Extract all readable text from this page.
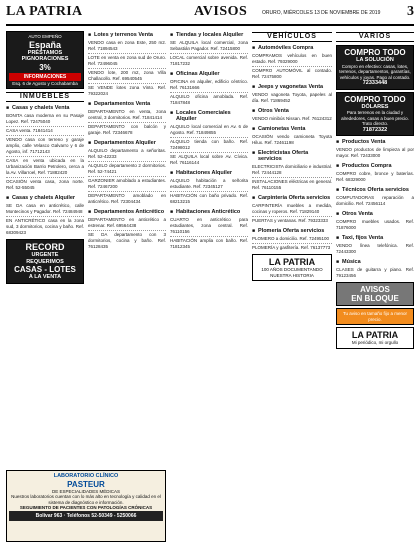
LA PATRIA	AVISOS	ORURO, MIÉRCOLES 13 DE NOVIEMBRE DE 2019 3
AUTO EMPEÑO
España
PRÉSTAMOS
PIGNORACIONES
3%
INFORMACIONES
Esq. 6 de Agosto y Cochabamba
INMUEBLES
■ Casas y chalets Venta
BONITA casa moderna en su Pasaje Lopez. Ref. 72475040
CASA venta. 71841414
VENDO casa con terreno y garaje amplio, calle Velasco Galvarro y 6 de Agosto, inf. 71712143
CASA en venta ubicada en la Urbanización Barrio Petrolero, cerca a la Av. Villarroel, Ref. 71882420
OCASIÓN venta casa, zona norte. Ref. 52-55045
■ Casas y chalets Alquiler
SE DA casa en anticrético, calle Montecinos y Pagador. Ref. 72484948
EN ANTICRÉTICO casa en la zona sud, 3 dormitorios, cocina y baño. Ref. 68309423
RECORD
URGENTE
REQUERIMOS
CASAS - LOTES
A LA VENTA
■ Lotes y terrenos Venta
VENDO casa en zona Este, 250 m2. Ref. 71894543
LOTE en venta en zona sud de Oruro. Ref. 72496045
VENDO lote, 200 m2, zona Villa Challacollo. Ref. 69540545
SE VENDE lotes zona Vinto. Ref. 79322024
■ Departamentos Venta
DEPARTAMENTO en venta, zona central, 3 dormitorios. Ref. 71841414
DEPARTAMENTO con balcón y garaje. Ref. 72346678
■ Departamentos Alquiler
ALQUILO departamento a señoritas. Ref. 52-42233
ALQUILO departamento 2 dormitorios. Ref. 52-74421
GARZONIER amoblado a estudiantes. Ref. 72467200
DEPARTAMENTO amoblado en anticrético. Ref. 72304434
■ Departamentos Anticrético
DEPARTAMENTO en anticrético a estrenar. Ref. 69564438
SE DA departamento con 3 dormitorios, cocina y baño. Ref. 76128435
■ Tiendas y locales Alquiler
SE ALQUILA local comercial, zona Sebastián Pagador. Ref. 72415800
LOCAL comercial sobre avenida. Ref. 71817232
■ Oficinas Alquiler
OFICINA en alquiler, edificio céntrico. Ref. 76131666
ALQUILO oficina amoblada. Ref. 71847848
■ Locales Comerciales Alquiler
ALQUILO local comercial en Av. 6 de Agosto. Ref. 71849855
ALQUILO tienda con baño. Ref. 72498012
SE ALQUILA local sobre Av. Cívica. Ref. 76116144
■ Habitaciones Alquiler
ALQUILO habitación a señorita estudiante. Ref. 72345127
HABITACIÓN con baño privado. Ref. 68213215
■ Habitaciones Anticrético
CUARTO en anticrético para estudiantes, zona central. Ref. 76110156
HABITACIÓN amplia con baño. Ref. 71812345
VEHÍCULOS
■ Automóviles Compra
COMPRAMOS vehículos en buen estado. Ref. 79329000
COMPRO AUTOMÓVIL al contado. Ref. 72475800
■ Jeeps y vagonetas Venta
VENDO vagoneta Toyota, papeles al día. Ref. 71869452
■ Otros Venta
VENDO minibús Nissan. Ref. 76124312
■ Camionetas Venta
OCASIÓN vendo camioneta Toyota Hilux. Ref. 72461198
■ Electricistas Oferta servicios
ELECTRICISTA domiciliario e industrial. Ref. 72444128
INSTALACIONES eléctricas en general. Ref. 76110155
■ Carpintería Oferta servicios
CARPINTERÍA muebles a medida, cocinas y roperos. Ref. 71829140
PUERTAS y ventanas. Ref. 79323333
■ Plomería Oferta servicios
PLOMERO a domicilio. Ref. 72495100
PLOMERÍA y gasfitería. Ref. 76137773
LA PATRIA
100 AÑOS DOCUMENTANDO NUESTRA HISTORIA
VARIOS
COMPRO TODO
LA SOLUCIÓN
Compro en efectivo: casas, lotes, terrenos, departamentos, garantías, vehículos y joyas. Pago al contado.
72333448
COMPRO TODO
DÓLARES
Para terrenos en la ciudad y alrededores, casas a buen precio. Trato directo.
71872322
■ Productos Venta
VENDO productos de limpieza al por mayor. Ref. 72433000
■ Productos Compra
COMPRO cobre, bronce y baterías. Ref. 68329000
■ Técnicos Oferta servicios
COMPUTADORAS reparación a domicilio. Ref. 72456114
■ Otros Venta
COMPRO muebles usados. Ref. 71876000
■ Taxi, fijos Venta
VENDO línea telefónica. Ref. 72443300
■ Música
CLASES de guitarra y piano. Ref. 79123456
AVISOS
EN BLOQUE
Tu aviso en tamaño fijo a menor precio.
LA PATRIA
Mi periódico, mi orgullo
LABORATORIO CLÍNICO
PASTEUR
DE ESPECIALIDADES MÉDICAS
Nuestros laboratorios cuentan con lo más alto en tecnología y calidad en el sistema de diagnóstico e información.
SEGUIMIENTO DE PACIENTES CON PATOLOGÍAS CRÓNICAS
Bolívar 963 · Teléfonos 52-50349 - 5250066
